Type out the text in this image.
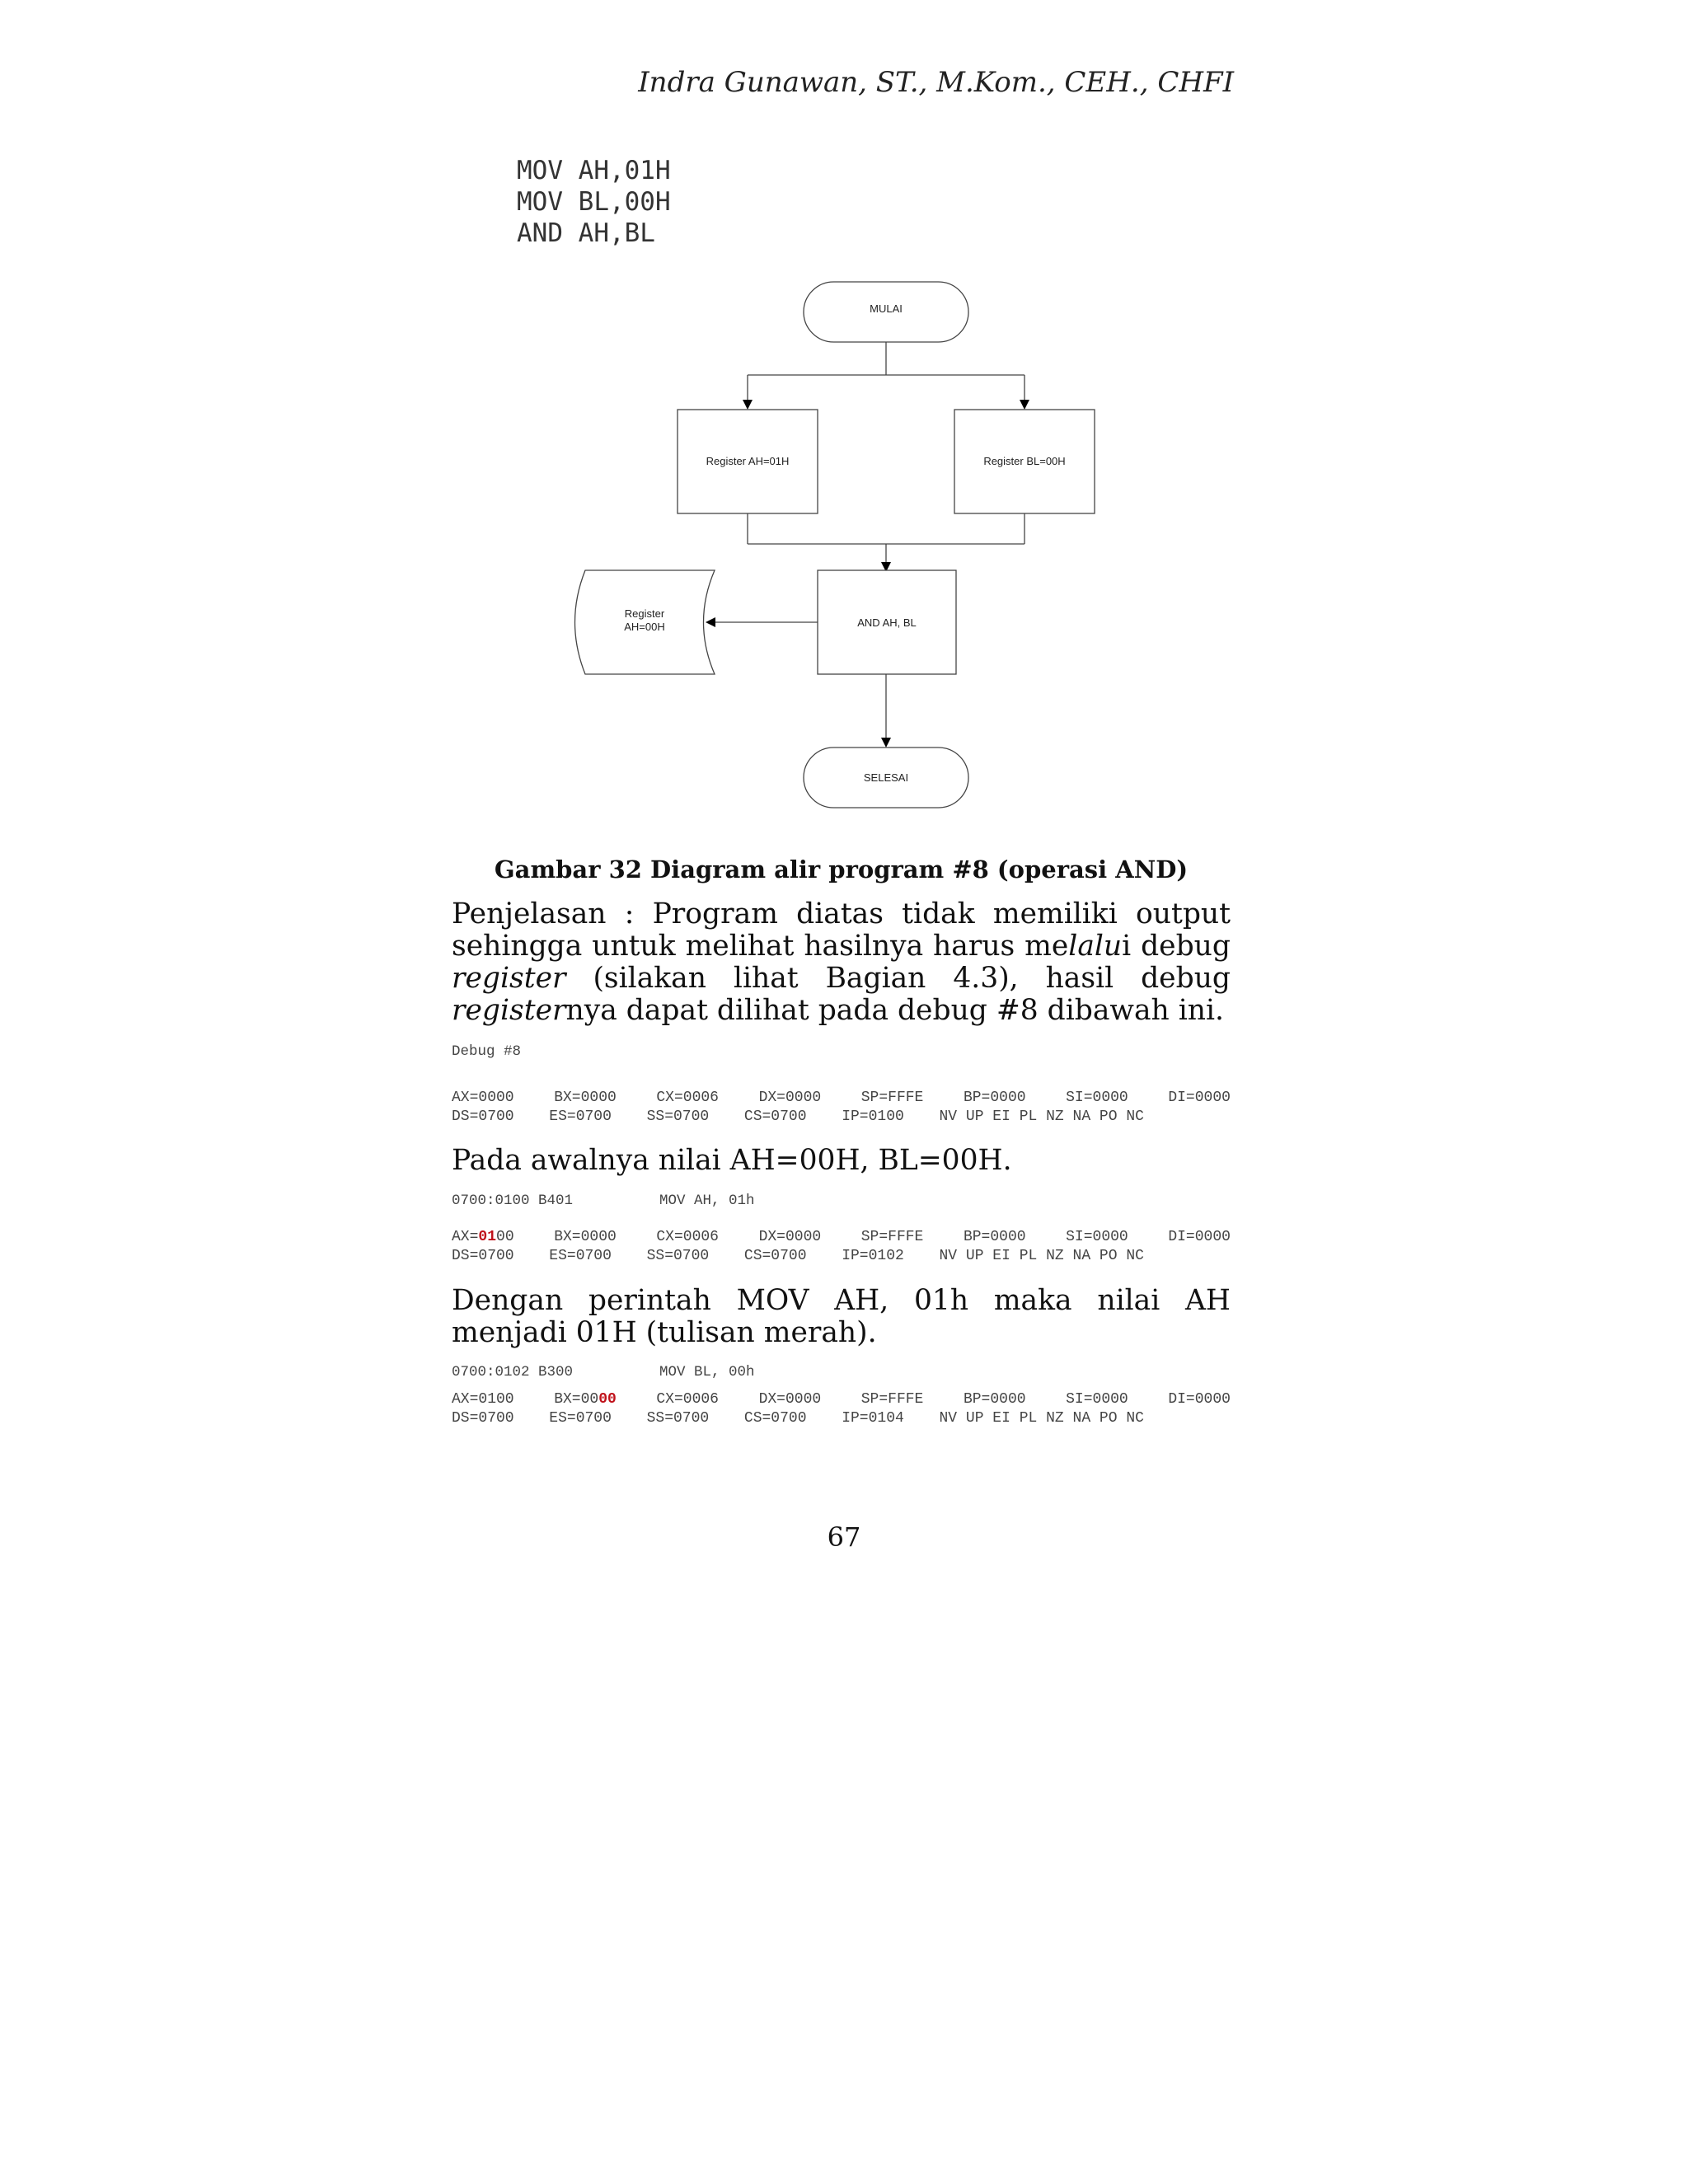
Indra Gunawan, ST., M.Kom., CEH., CHFI
MOV AH,01H
MOV BL,00H
AND AH,BL
MULAI
Register AH=01H	Register BL=00H
AND AH, BL
Register
AH=00H
SELESAI
Gambar 32 Diagram alir program #8 (operasi AND)
Penjelasan : Program diatas tidak memiliki output sehingga untuk melihat hasilnya harus melalui debug register (silakan lihat Bagian 4.3), hasil debug registernya dapat dilihat pada debug #8 dibawah ini.
Debug #8
AX=0000	BX=0000	CX=0006	DX=0000	SP=FFFE	BP=0000	SI=0000	DI=0000
DS=0700 ES=0700 SS=0700 CS=0700 IP=0100 NV UP EI PL NZ NA PO NC
Pada awalnya nilai AH=00H, BL=00H.
0700:0100 B401          MOV AH, 01h
AX=0100	BX=0000	CX=0006	DX=0000	SP=FFFE	BP=0000	SI=0000	DI=0000
DS=0700 ES=0700 SS=0700 CS=0700 IP=0102 NV UP EI PL NZ NA PO NC
Dengan perintah MOV AH, 01h maka nilai AH menjadi 01H (tulisan merah).
0700:0102 B300          MOV BL, 00h
AX=0100	BX=0000	CX=0006	DX=0000	SP=FFFE	BP=0000	SI=0000	DI=0000
DS=0700 ES=0700 SS=0700 CS=0700 IP=0104 NV UP EI PL NZ NA PO NC
67
